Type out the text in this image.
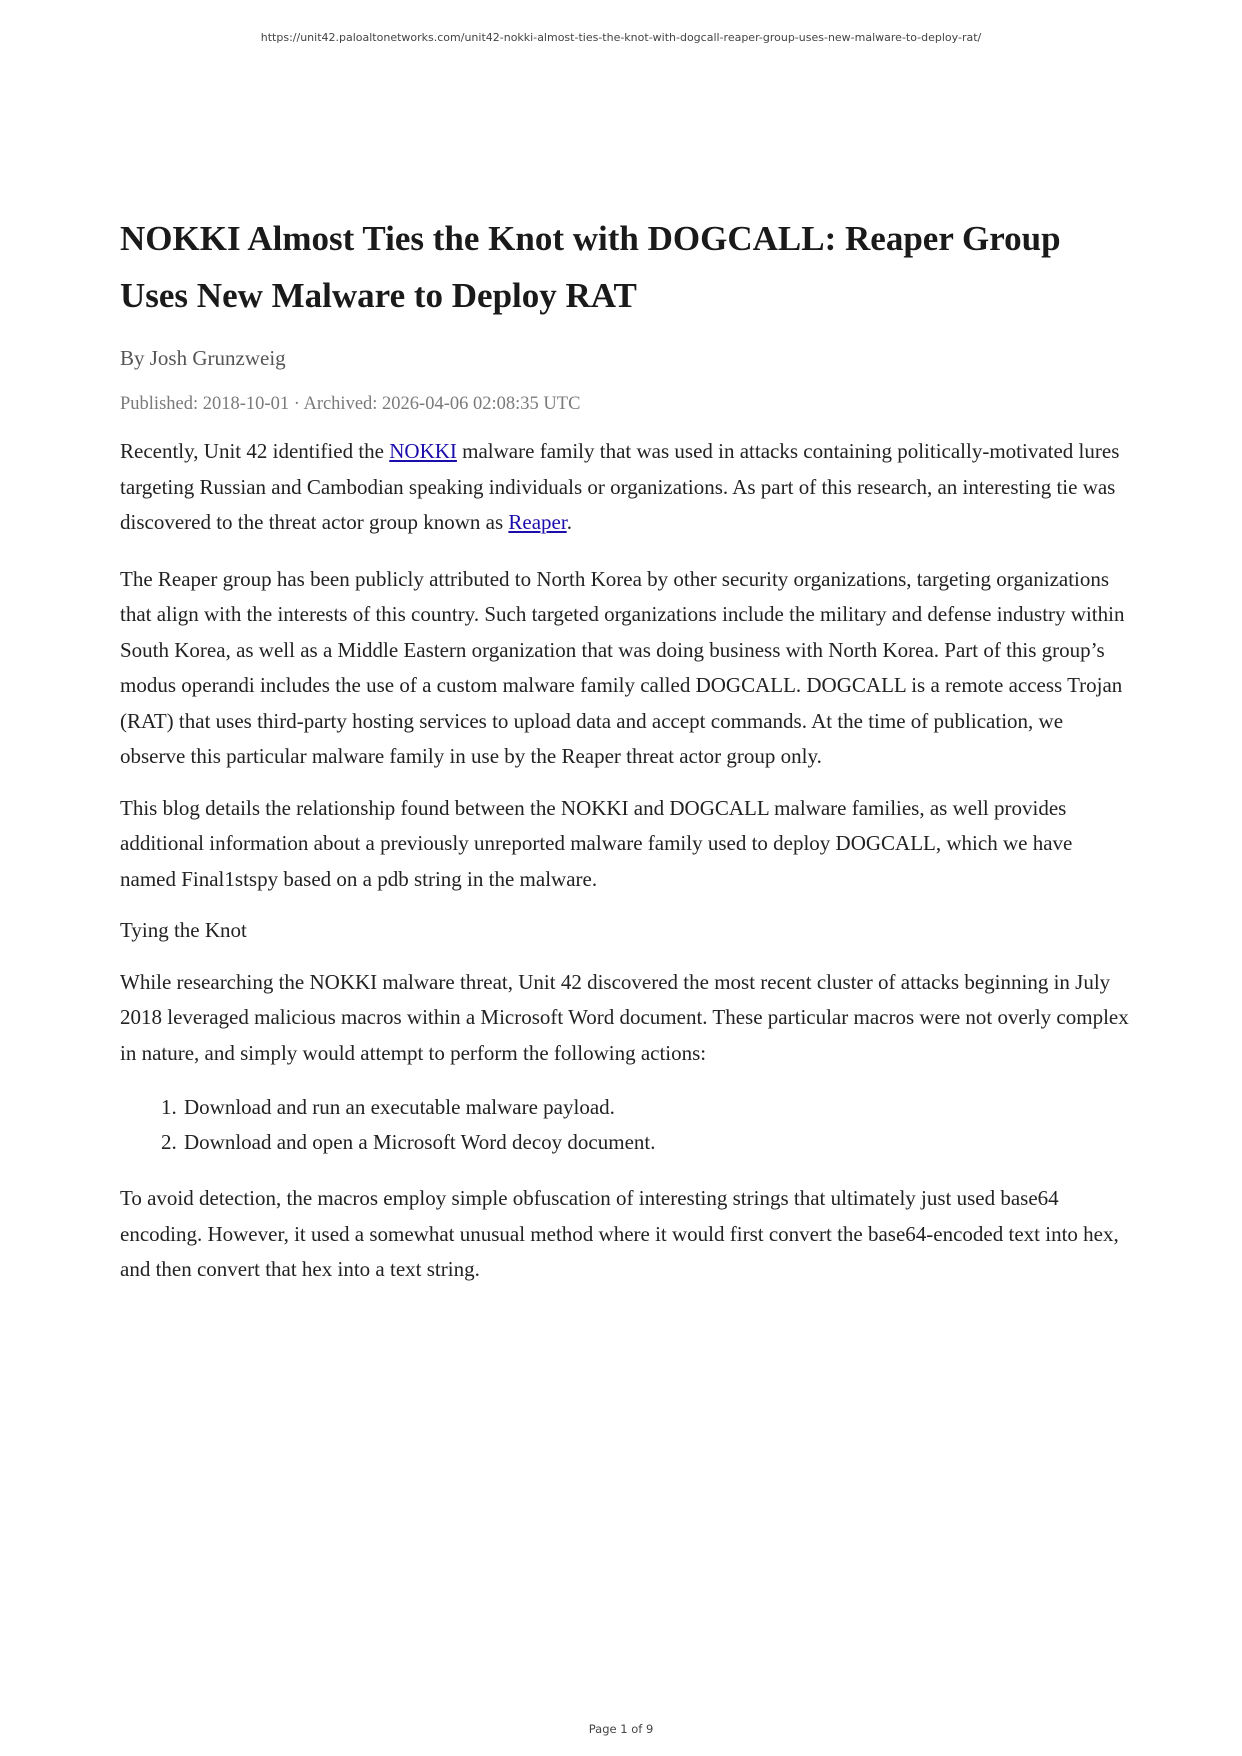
https://unit42.paloaltonetworks.com/unit42-nokki-almost-ties-the-knot-with-dogcall-reaper-group-uses-new-malware-to-deploy-rat/
NOKKI Almost Ties the Knot with DOGCALL: Reaper Group Uses New Malware to Deploy RAT
By Josh Grunzweig
Published: 2018-10-01 · Archived: 2026-04-06 02:08:35 UTC

Recently, Unit 42 identified the NOKKI malware family that was used in attacks containing politically-motivated lures targeting Russian and Cambodian speaking individuals or organizations. As part of this research, an interesting tie was discovered to the threat actor group known as Reaper.

The Reaper group has been publicly attributed to North Korea by other security organizations, targeting organizations that align with the interests of this country. Such targeted organizations include the military and defense industry within South Korea, as well as a Middle Eastern organization that was doing business with North Korea. Part of this group’s modus operandi includes the use of a custom malware family called DOGCALL. DOGCALL is a remote access Trojan (RAT) that uses third-party hosting services to upload data and accept commands. At the time of publication, we observe this particular malware family in use by the Reaper threat actor group only.

This blog details the relationship found between the NOKKI and DOGCALL malware families, as well provides additional information about a previously unreported malware family used to deploy DOGCALL, which we have named Final1stspy based on a pdb string in the malware.

Tying the Knot

While researching the NOKKI malware threat, Unit 42 discovered the most recent cluster of attacks beginning in July 2018 leveraged malicious macros within a Microsoft Word document. These particular macros were not overly complex in nature, and simply would attempt to perform the following actions:

1. Download and run an executable malware payload.
2. Download and open a Microsoft Word decoy document.

To avoid detection, the macros employ simple obfuscation of interesting strings that ultimately just used base64 encoding. However, it used a somewhat unusual method where it would first convert the base64-encoded text into hex, and then convert that hex into a text string.

Page 1 of 9
